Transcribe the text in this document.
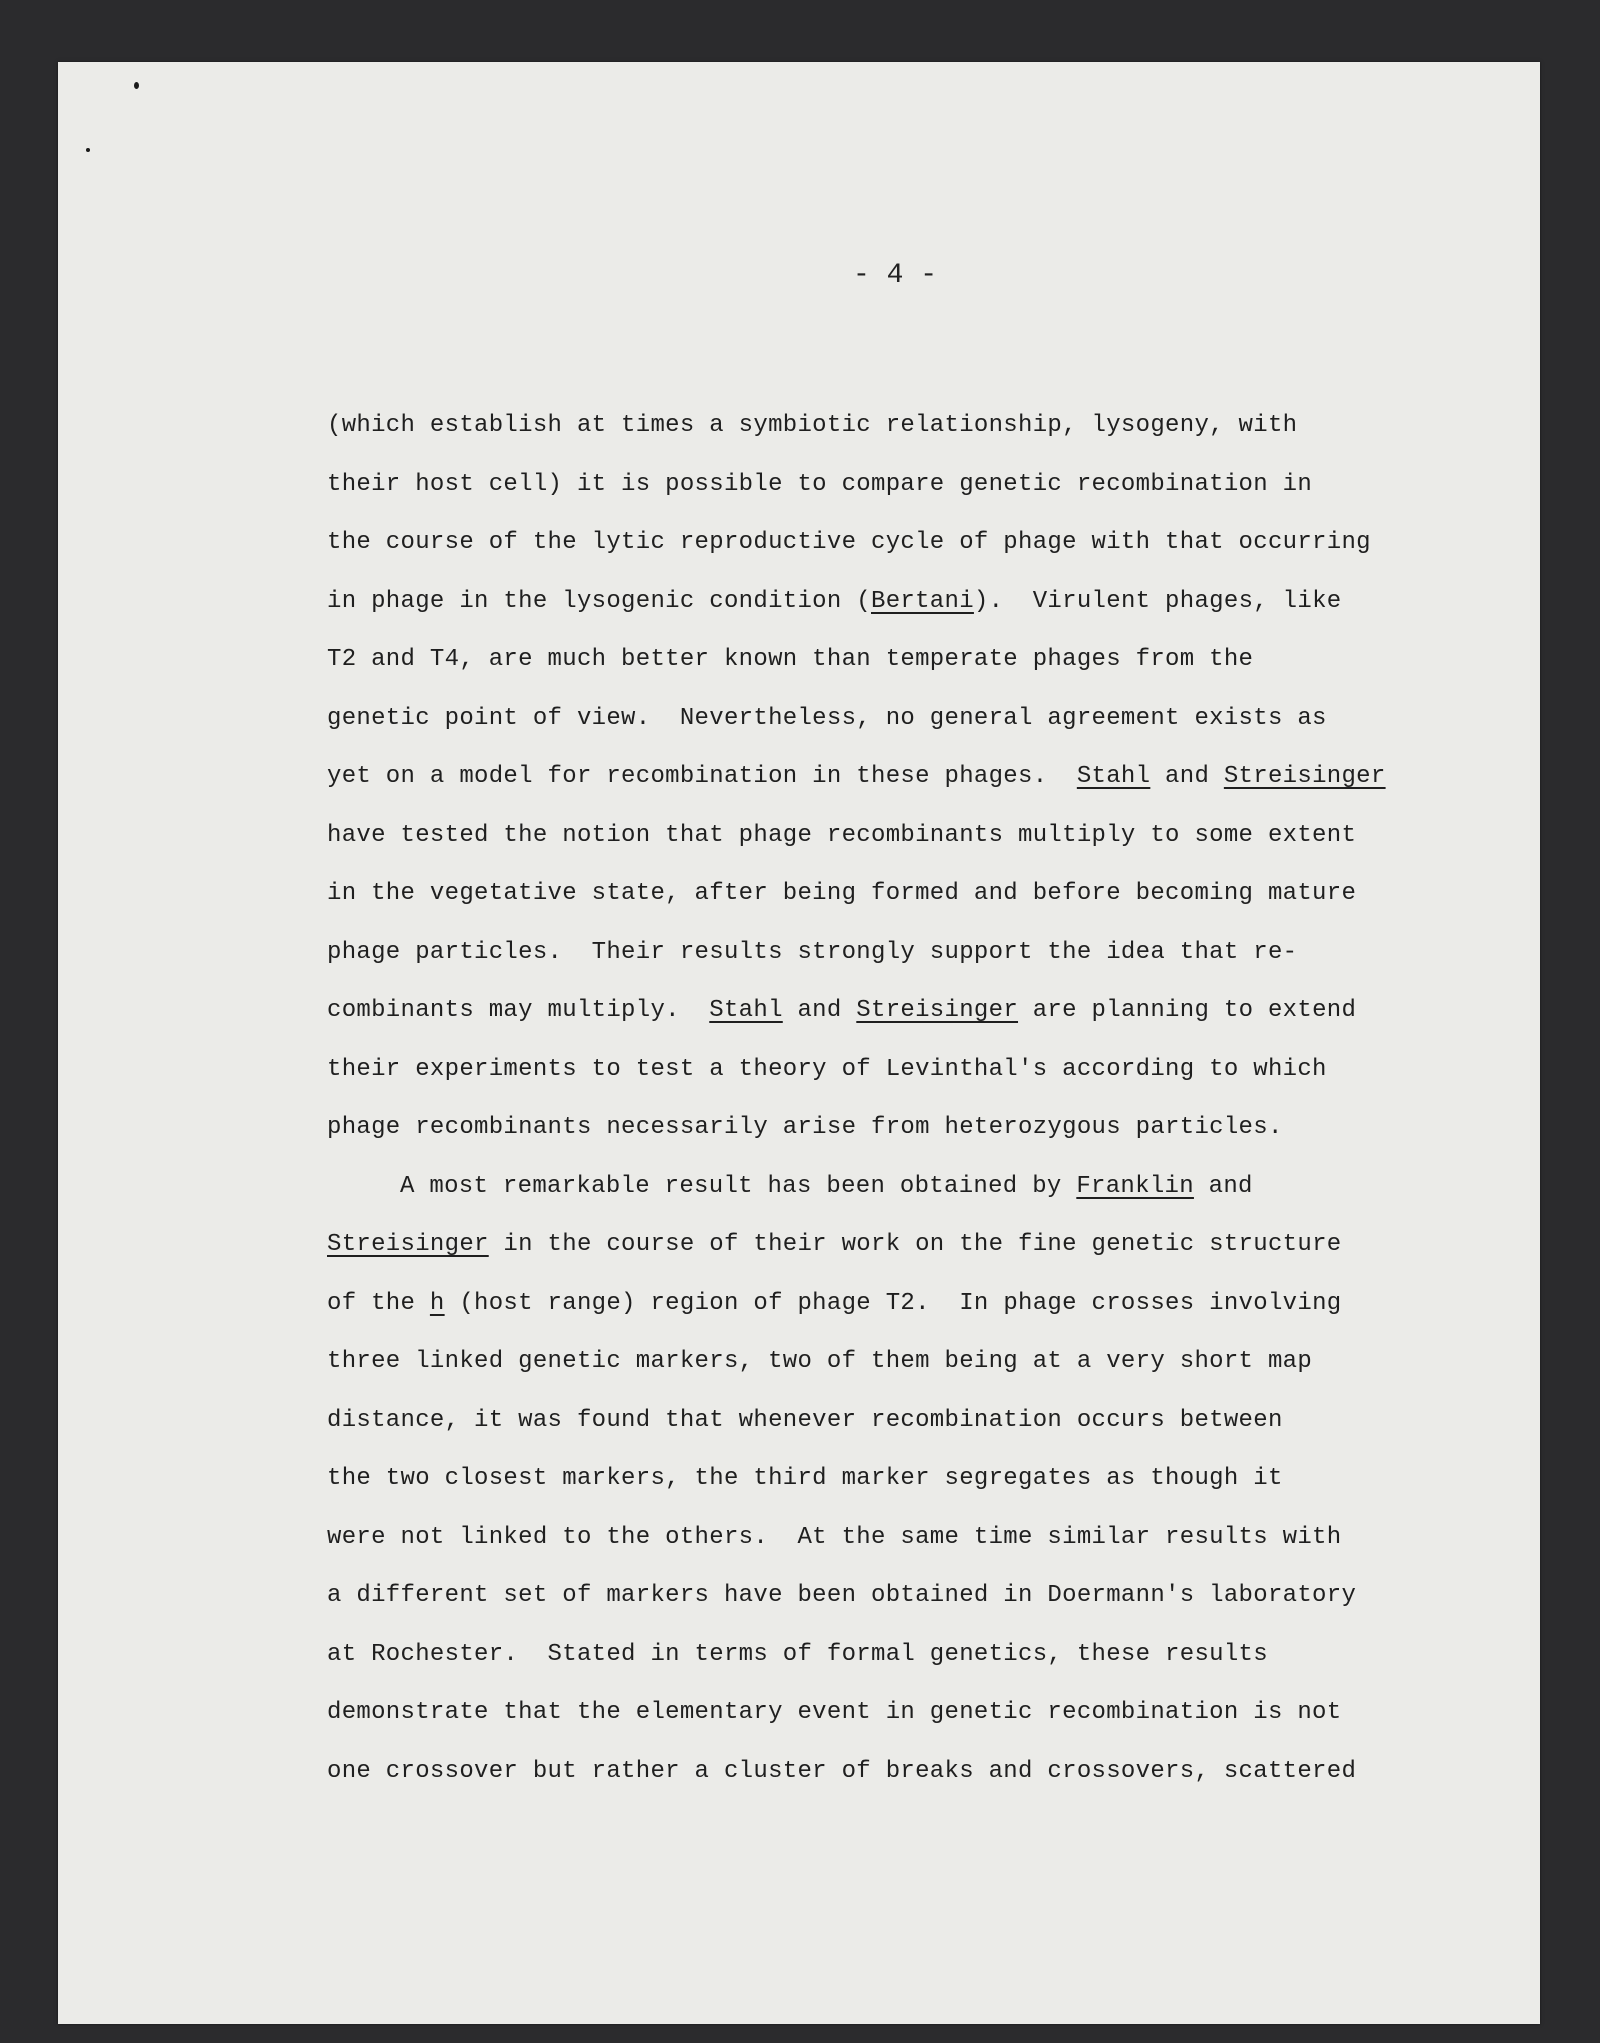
- 4 -
(which establish at times a symbiotic relationship, lysogeny, with
their host cell) it is possible to compare genetic recombination in
the course of the lytic reproductive cycle of phage with that occurring
in phage in the lysogenic condition (Bertani).  Virulent phages, like
T2 and T4, are much better known than temperate phages from the
genetic point of view.  Nevertheless, no general agreement exists as
yet on a model for recombination in these phages.  Stahl and Streisinger
have tested the notion that phage recombinants multiply to some extent
in the vegetative state, after being formed and before becoming mature
phage particles.  Their results strongly support the idea that re-
combinants may multiply.  Stahl and Streisinger are planning to extend
their experiments to test a theory of Levinthal's according to which
phage recombinants necessarily arise from heterozygous particles.
A most remarkable result has been obtained by Franklin and
Streisinger in the course of their work on the fine genetic structure
of the h (host range) region of phage T2.  In phage crosses involving
three linked genetic markers, two of them being at a very short map
distance, it was found that whenever recombination occurs between
the two closest markers, the third marker segregates as though it
were not linked to the others.  At the same time similar results with
a different set of markers have been obtained in Doermann's laboratory
at Rochester.  Stated in terms of formal genetics, these results
demonstrate that the elementary event in genetic recombination is not
one crossover but rather a cluster of breaks and crossovers, scattered
